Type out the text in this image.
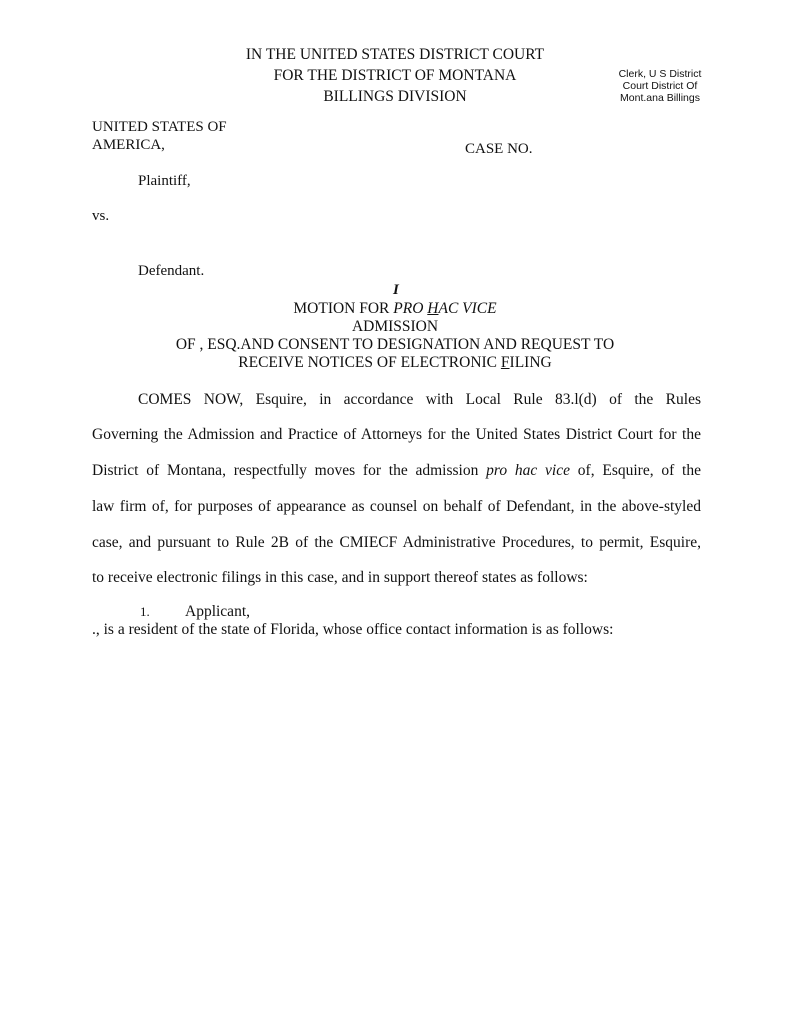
IN THE UNITED STATES DISTRICT COURT
FOR THE DISTRICT OF MONTANA
BILLINGS DIVISION
Clerk, U S District
Court District Of
Mont.ana Billings
UNITED STATES OF
AMERICA,	CASE NO.
Plaintiff,
vs.
Defendant.
I
MOTION FOR PRO HAC VICE
ADMISSION
OF , ESQ.AND CONSENT TO DESIGNATION AND REQUEST TO
RECEIVE NOTICES OF ELECTRONIC FILING
COMES NOW, Esquire, in accordance with Local Rule 83.l(d) of the Rules
Governing the Admission and Practice of Attorneys for the United States District Court for the
District of Montana, respectfully moves for the admission pro hac vice of, Esquire, of the
law firm of, for purposes of appearance as counsel on behalf of Defendant, in the above-styled
case, and pursuant to Rule 2B of the CMIECF Administrative Procedures, to permit, Esquire,
to receive electronic filings in this case, and in support thereof states as follows:
1. Applicant,
., is a resident of the state of Florida, whose office contact information is as follows:
